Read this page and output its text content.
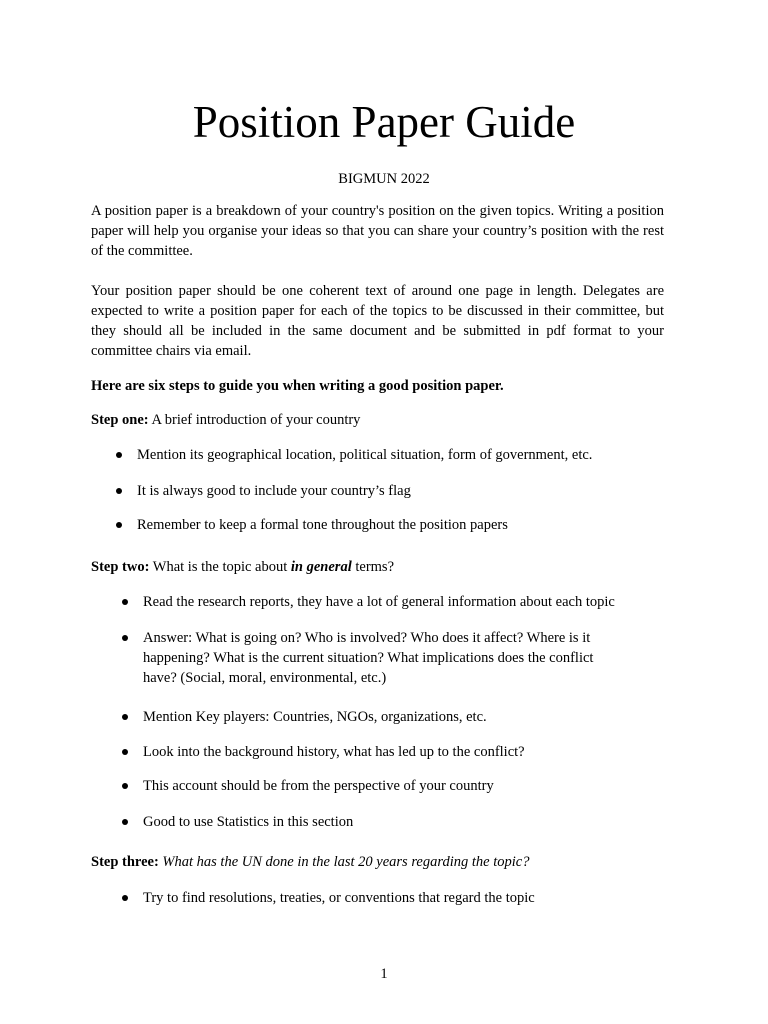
Position Paper Guide
BIGMUN 2022
A position paper is a breakdown of your country's position on the given topics. Writing a position paper will help you organise your ideas so that you can share your country’s position with the rest of the committee.
Your position paper should be one coherent text of around one page in length. Delegates are expected to write a position paper for each of the topics to be discussed in their committee, but they should all be included in the same document and be submitted in pdf format to your committee chairs via email.
Here are six steps to guide you when writing a good position paper.
Step one: A brief introduction of your country
Mention its geographical location, political situation, form of government, etc.
It is always good to include your country’s flag
Remember to keep a formal tone throughout the position papers
Step two: What is the topic about in general terms?
Read the research reports, they have a lot of general information about each topic
Answer: What is going on? Who is involved? Who does it affect? Where is it happening? What is the current situation? What implications does the conflict have? (Social, moral, environmental, etc.)
Mention Key players: Countries, NGOs, organizations, etc.
Look into the background history, what has led up to the conflict?
This account should be from the perspective of your country
Good to use Statistics in this section
Step three: What has the UN done in the last 20 years regarding the topic?
Try to find resolutions, treaties, or conventions that regard the topic
1
